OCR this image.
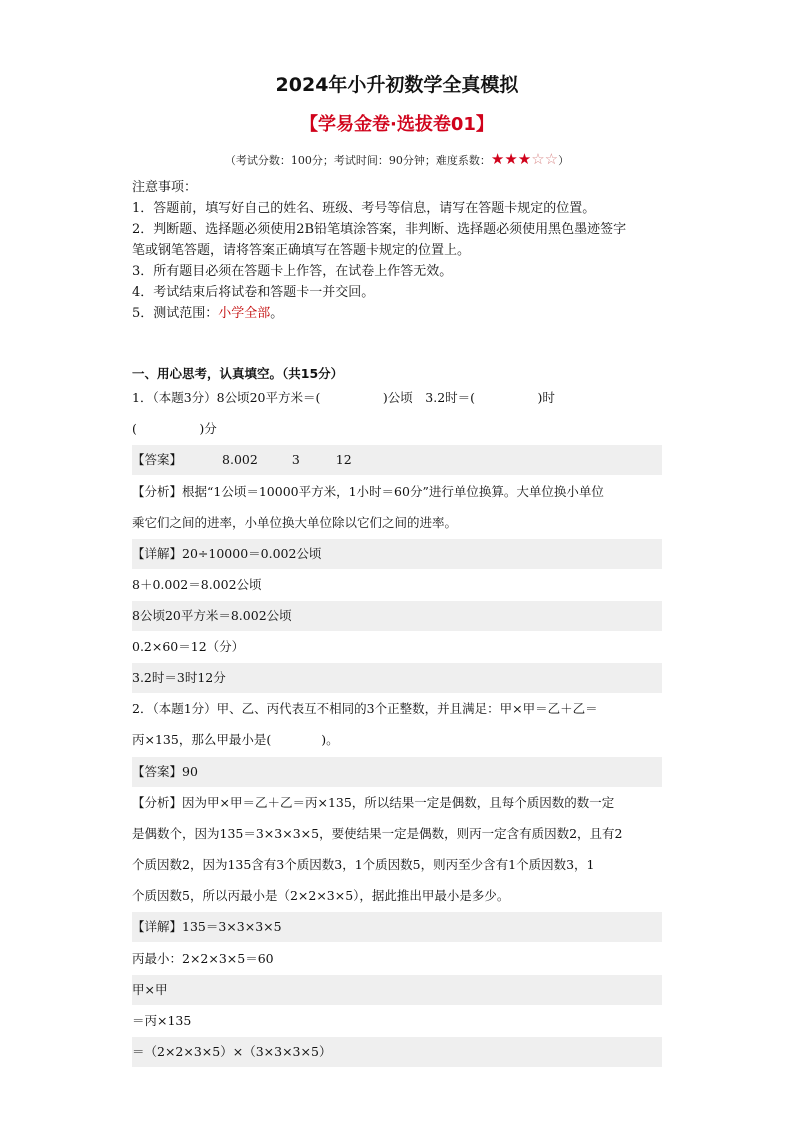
2024年小升初数学全真模拟
【学易金卷·选拔卷01】
（考试分数：100分；考试时间：90分钟；难度系数：★★★☆☆）
注意事项：
1．答题前，填写好自己的姓名、班级、考号等信息，请写在答题卡规定的位置。
2．判断题、选择题必须使用2B铅笔填涂答案，非判断、选择题必须使用黑色墨迹签字
笔或钢笔答题，请将答案正确填写在答题卡规定的位置上。
3．所有题目必须在答题卡上作答，在试卷上作答无效。
4．考试结束后将试卷和答题卡一并交回。
5．测试范围：小学全部。
一、用心思考，认真填空。（共15分）
1．（本题3分）8公顷20平方米＝(　　　　　)公顷　3.2时＝(　　　　　)时
(　　　　　)分
【答案】	8.002	3	12
【分析】根据“1公顷＝10000平方米，1小时＝60分”进行单位换算。大单位换小单位
乘它们之间的进率，小单位换大单位除以它们之间的进率。
【详解】20÷10000＝0.002公顷
8＋0.002＝8.002公顷
8公顷20平方米＝8.002公顷
0.2×60＝12（分）
3.2时＝3时12分
2．（本题1分）甲、乙、丙代表互不相同的3个正整数，并且满足：甲×甲＝乙＋乙＝
丙×135，那么甲最小是(　　　　)。
【答案】90
【分析】因为甲×甲＝乙＋乙＝丙×135，所以结果一定是偶数，且每个质因数的数一定
是偶数个，因为135＝3×3×3×5，要使结果一定是偶数，则丙一定含有质因数2，且有2
个质因数2，因为135含有3个质因数3，1个质因数5，则丙至少含有1个质因数3，1
个质因数5，所以丙最小是（2×2×3×5），据此推出甲最小是多少。
【详解】135＝3×3×3×5
丙最小：2×2×3×5＝60
甲×甲
＝丙×135
＝（2×2×3×5）×（3×3×3×5）
